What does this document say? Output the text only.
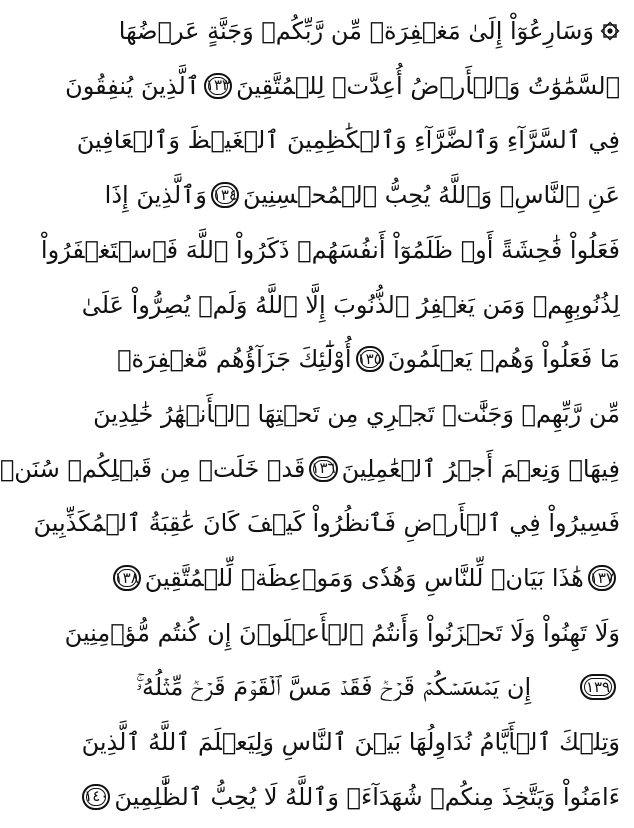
وَسَارِعُوٓاْ إِلَىٰ مَغۡفِرَةٖ مِّن رَّبِّكُمۡ وَجَنَّةٍ عَرۡضُهَا
ٱلسَّمَٰوَٰتُ وَٱلۡأَرۡضُ أُعِدَّتۡ لِلۡمُتَّقِينَ
١٣٣
ٱلَّذِينَ يُنفِقُونَ
فِي ٱلسَّرَّآءِ وَٱلضَّرَّآءِ وَٱلۡكَٰظِمِينَ ٱلۡغَيۡظَ وَٱلۡعَافِينَ
عَنِ ٱلنَّاسِۗ وَٱللَّهُ يُحِبُّ ٱلۡمُحۡسِنِينَ
١٣٤
وَٱلَّذِينَ إِذَا
فَعَلُواْ فَٰحِشَةً أَوۡ ظَلَمُوٓاْ أَنفُسَهُمۡ ذَكَرُواْ ٱللَّهَ فَٱسۡتَغۡفَرُواْ
لِذُنُوبِهِمۡ وَمَن يَغۡفِرُ ٱلذُّنُوبَ إِلَّا ٱللَّهُ وَلَمۡ يُصِرُّواْ عَلَىٰ
مَا فَعَلُواْ وَهُمۡ يَعۡلَمُونَ
١٣٥
أُوْلَٰٓئِكَ جَزَآؤُهُم مَّغۡفِرَةٞ
مِّن رَّبِّهِمۡ وَجَنَّٰتٞ تَجۡرِي مِن تَحۡتِهَا ٱلۡأَنۡهَٰرُ خَٰلِدِينَ
فِيهَاۚ وَنِعۡمَ أَجۡرُ ٱلۡعَٰمِلِينَ
١٣٦
قَدۡ خَلَتۡ مِن قَبۡلِكُمۡ سُنَنٞ
فَسِيرُواْ فِي ٱلۡأَرۡضِ فَٱنظُرُواْ كَيۡفَ كَانَ عَٰقِبَةُ ٱلۡمُكَذِّبِينَ
١٣٧
هَٰذَا بَيَانٞ لِّلنَّاسِ وَهُدٗى وَمَوۡعِظَةٞ لِّلۡمُتَّقِينَ
١٣٨
وَلَا تَهِنُواْ وَلَا تَحۡزَنُواْ وَأَنتُمُ ٱلۡأَعۡلَوۡنَ إِن كُنتُم مُّؤۡمِنِينَ
١٣٩
إِن يَمۡسَسۡكُمۡ قَرۡحٞ فَقَدۡ مَسَّ ٱلۡقَوۡمَ قَرۡحٞ مِّثۡلُهُۥۚ
وَتِلۡكَ ٱلۡأَيَّامُ نُدَاوِلُهَا بَيۡنَ ٱلنَّاسِ وَلِيَعۡلَمَ ٱللَّهُ ٱلَّذِينَ
ءَامَنُواْ وَيَتَّخِذَ مِنكُمۡ شُهَدَآءَۗ وَٱللَّهُ لَا يُحِبُّ ٱلظَّٰلِمِينَ
١٤٠
